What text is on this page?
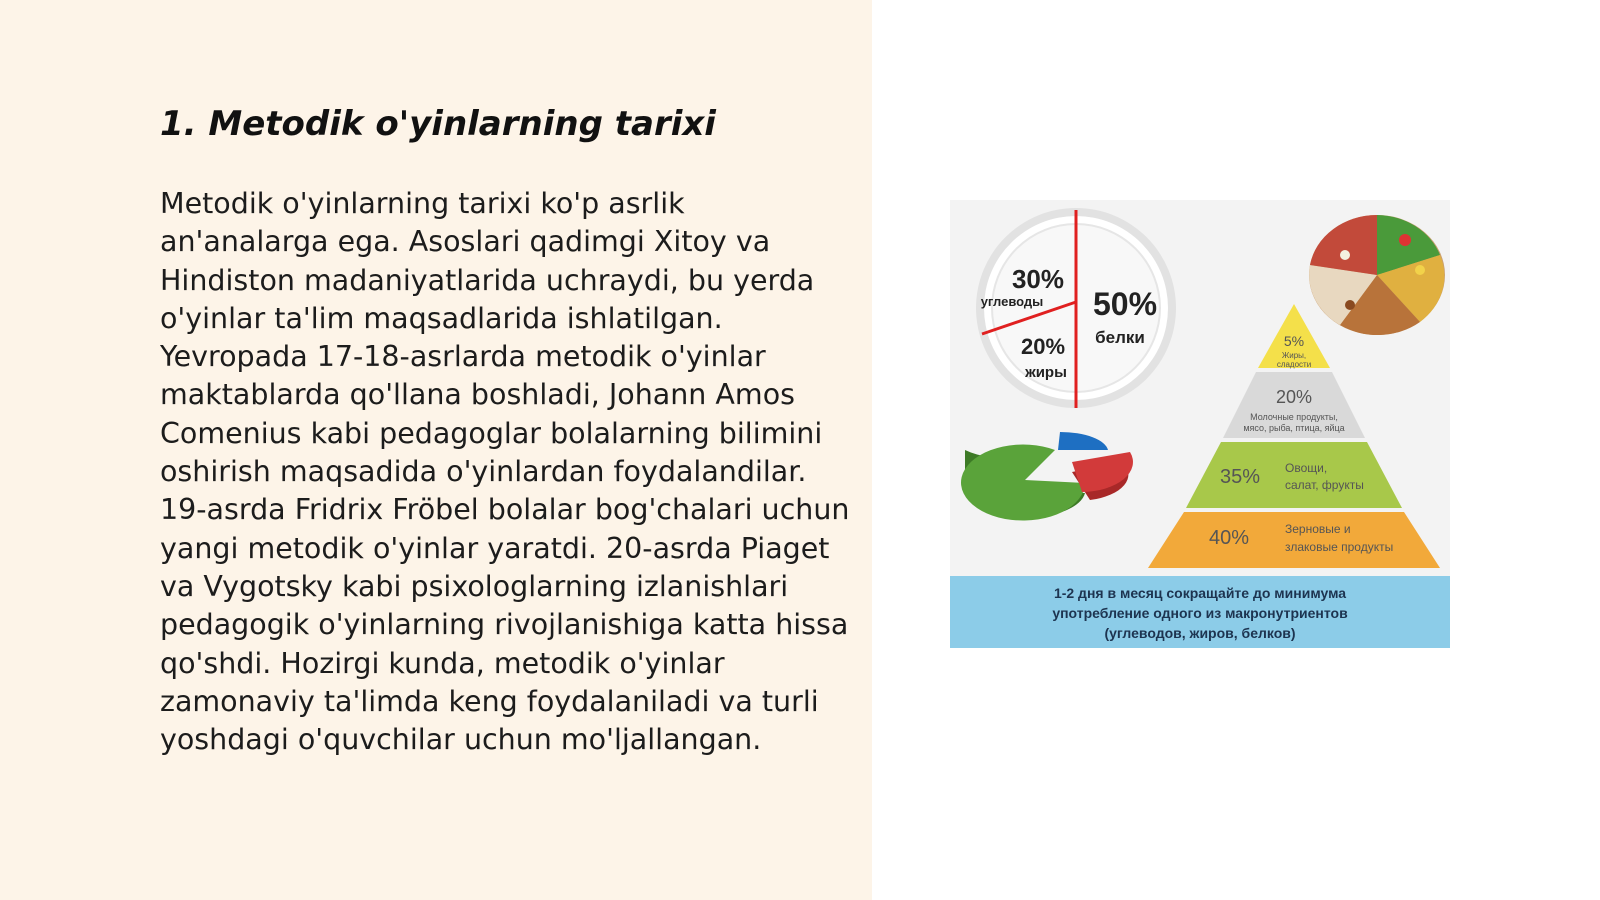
1. Metodik o'yinlarning tarixi

Metodik o'yinlarning tarixi ko'p asrlik an'analarga ega. Asoslari qadimgi Xitoy va Hindiston madaniyatlarida uchraydi, bu yerda o'yinlar ta'lim maqsadlarida ishlatilgan. Yevropada 17-18-asrlarda metodik o'yinlar maktablarda qo'llana boshladi, Johann Amos Comenius kabi pedagoglar bolalarning bilimini oshirish maqsadida o'yinlardan foydalandilar. 19-asrda Fridrix Fröbel bolalar bog'chalari uchun yangi metodik o'yinlar yaratdi. 20-asrda Piaget va Vygotsky kabi psixologlarning izlanishlari pedagogik o'yinlarning rivojlanishiga katta hissa qo'shdi. Hozirgi kunda, metodik o'yinlar zamonaviy ta'limda keng foydalaniladi va turli yoshdagi o'quvchilar uchun mo'ljallangan.

30%
углеводы 50%
белки
20%
жиры
5%
Жиры,
сладости
20%
Молочные продукты,
мясо, рыба, птица, яйца
35% Овощи,
салат, фрукты
40%	Зерновые и
злаковые продукты
1-2 дня в месяц сокращайте до минимума
употребление одного из макронутриентов
(углеводов, жиров, белков)
